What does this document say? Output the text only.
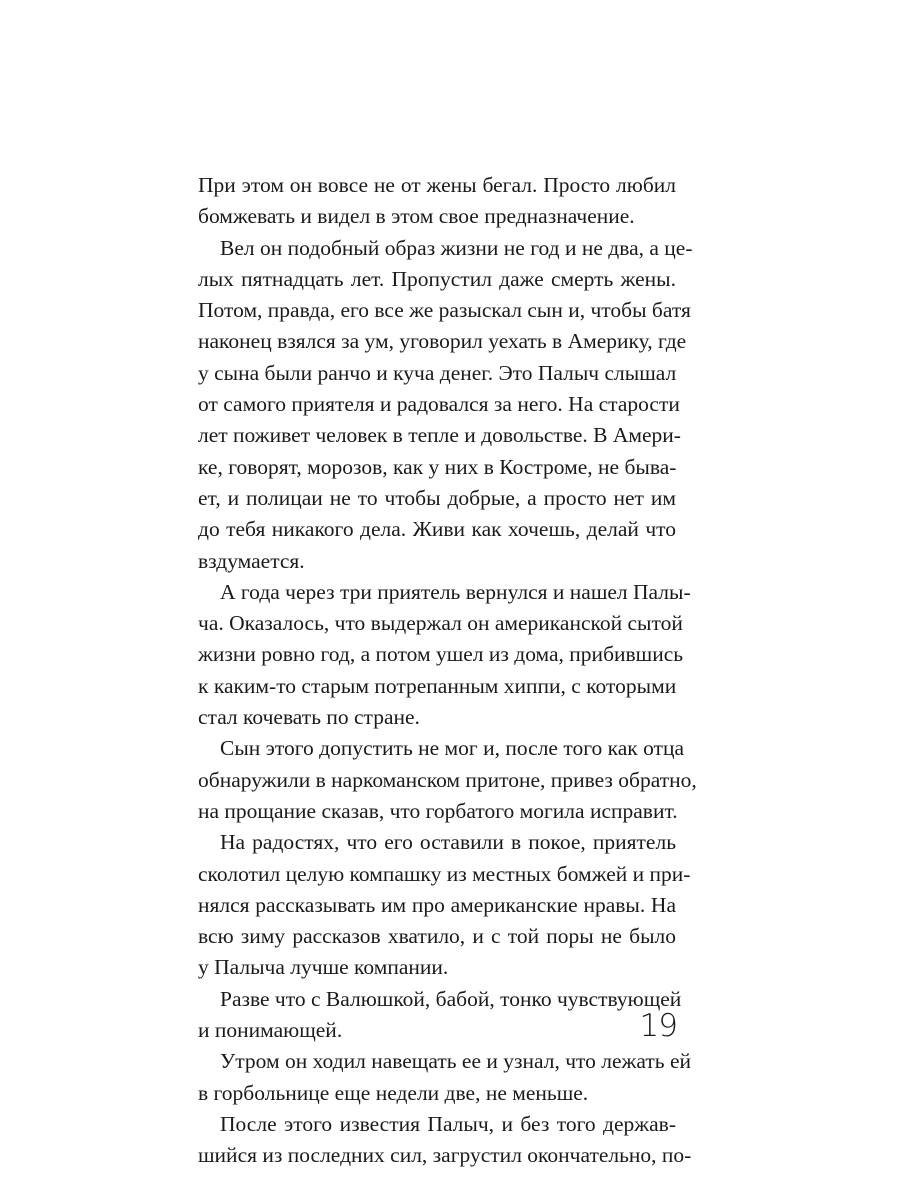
При этом он вовсе не от жены бегал. Просто любил
бомжевать и видел в этом свое предназначение.
Вел он подобный образ жизни не год и не два, а це-
лых пятнадцать лет. Пропустил даже смерть жены.
Потом, правда, его все же разыскал сын и, чтобы батя
наконец взялся за ум, уговорил уехать в Америку, где
у сына были ранчо и куча денег. Это Палыч слышал
от самого приятеля и радовался за него. На старости
лет поживет человек в тепле и довольстве. В Амери-
ке, говорят, морозов, как у них в Костроме, не быва-
ет, и полицаи не то чтобы добрые, а просто нет им
до тебя никакого дела. Живи как хочешь, делай что
вздумается.
А года через три приятель вернулся и нашел Палы-
ча. Оказалось, что выдержал он американской сытой
жизни ровно год, а потом ушел из дома, прибившись
к каким-то старым потрепанным хиппи, с которыми
стал кочевать по стране.
Сын этого допустить не мог и, после того как отца
обнаружили в наркоманском притоне, привез обратно,
на прощание сказав, что горбатого могила исправит.
На радостях, что его оставили в покое, приятель
сколотил целую компашку из местных бомжей и при-
нялся рассказывать им про американские нравы. На
всю зиму рассказов хватило, и с той поры не было
у Палыча лучше компании.
Разве что с Валюшкой, бабой, тонко чувствующей
и понимающей.
Утром он ходил навещать ее и узнал, что лежать ей
в горбольнице еще недели две, не меньше.
После этого известия Палыч, и без того держав-
шийся из последних сил, загрустил окончательно, по-
19
